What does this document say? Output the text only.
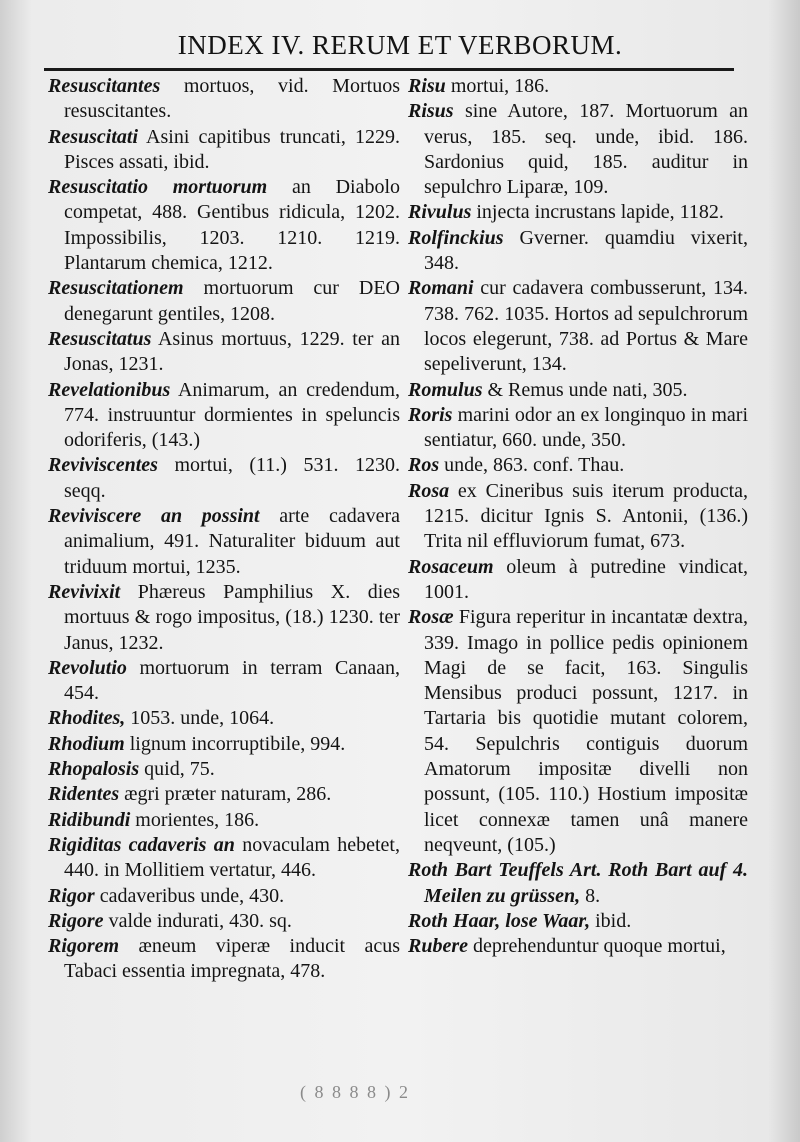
INDEX IV. RERUM ET VERBORUM.

Resuscitantes mortuos, vid. Mortuos resuscitantes.

Resuscitati Asini capitibus truncati, 1229. Pisces assati, ibid.

Resuscitatio mortuorum an Diabolo competat, 488. Gentibus ridicula, 1202. Impossibilis, 1203. 1210. 1219. Plantarum chemica, 1212.

Resuscitationem mortuorum cur DEO denegarunt gentiles, 1208.

Resuscitatus Asinus mortuus, 1229. ter an Jonas, 1231.

Revelationibus Animarum, an credendum, 774. instruuntur dormientes in speluncis odoriferis, (143.)

Reviviscentes mortui, (11.) 531. 1230. seqq.

Reviviscere an possint arte cadavera animalium, 491. Naturaliter biduum aut triduum mortui, 1235.

Revivixit Phæreus Pamphilius X. dies mortuus & rogo impositus, (18.) 1230. ter Janus, 1232.

Revolutio mortuorum in terram Canaan, 454.

Rhodites, 1053. unde, 1064.

Rhodium lignum incorruptibile, 994.

Rhopalosis quid, 75.

Ridentes ægri præter naturam, 286.

Ridibundi morientes, 186.

Rigiditas cadaveris an novaculam hebetet, 440. in Mollitiem vertatur, 446.

Rigor cadaveribus unde, 430.

Rigore valde indurati, 430. sq.

Rigorem æneum viperæ inducit acus Tabaci essentia impregnata, 478.

Risu mortui, 186.

Risus sine Autore, 187. Mortuorum an verus, 185. seq. unde, ibid. 186. Sardonius quid, 185. auditur in sepulchro Liparæ, 109.

Rivulus injecta incrustans lapide, 1182.

Rolfinckius Gverner. quamdiu vixerit, 348.

Romani cur cadavera combusserunt, 134. 738. 762. 1035. Hortos ad sepulchrorum locos elegerunt, 738. ad Portus & Mare sepeliverunt, 134.

Romulus & Remus unde nati, 305.

Roris marini odor an ex longinquo in mari sentiatur, 660. unde, 350.

Ros unde, 863. conf. Thau.

Rosa ex Cineribus suis iterum producta, 1215. dicitur Ignis S. Antonii, (136.) Trita nil effluviorum fumat, 673.

Rosaceum oleum à putredine vindicat, 1001.

Rosæ Figura reperitur in incantatæ dextra, 339. Imago in pollice pedis opinionem Magi de se facit, 163. Singulis Mensibus produci possunt, 1217. in Tartaria bis quotidie mutant colorem, 54. Sepulchris contiguis duorum Amatorum impositæ divelli non possunt, (105. 110.) Hostium impositæ licet connexæ tamen unâ manere neqveunt, (105.)

Roth Bart Teuffels Art. Roth Bart auf 4. Meilen zu grüssen, 8.

Roth Haar, lose Waar, ibid.

Rubere deprehenduntur quoque mortui,

( 8 8 8 8 ) 2
